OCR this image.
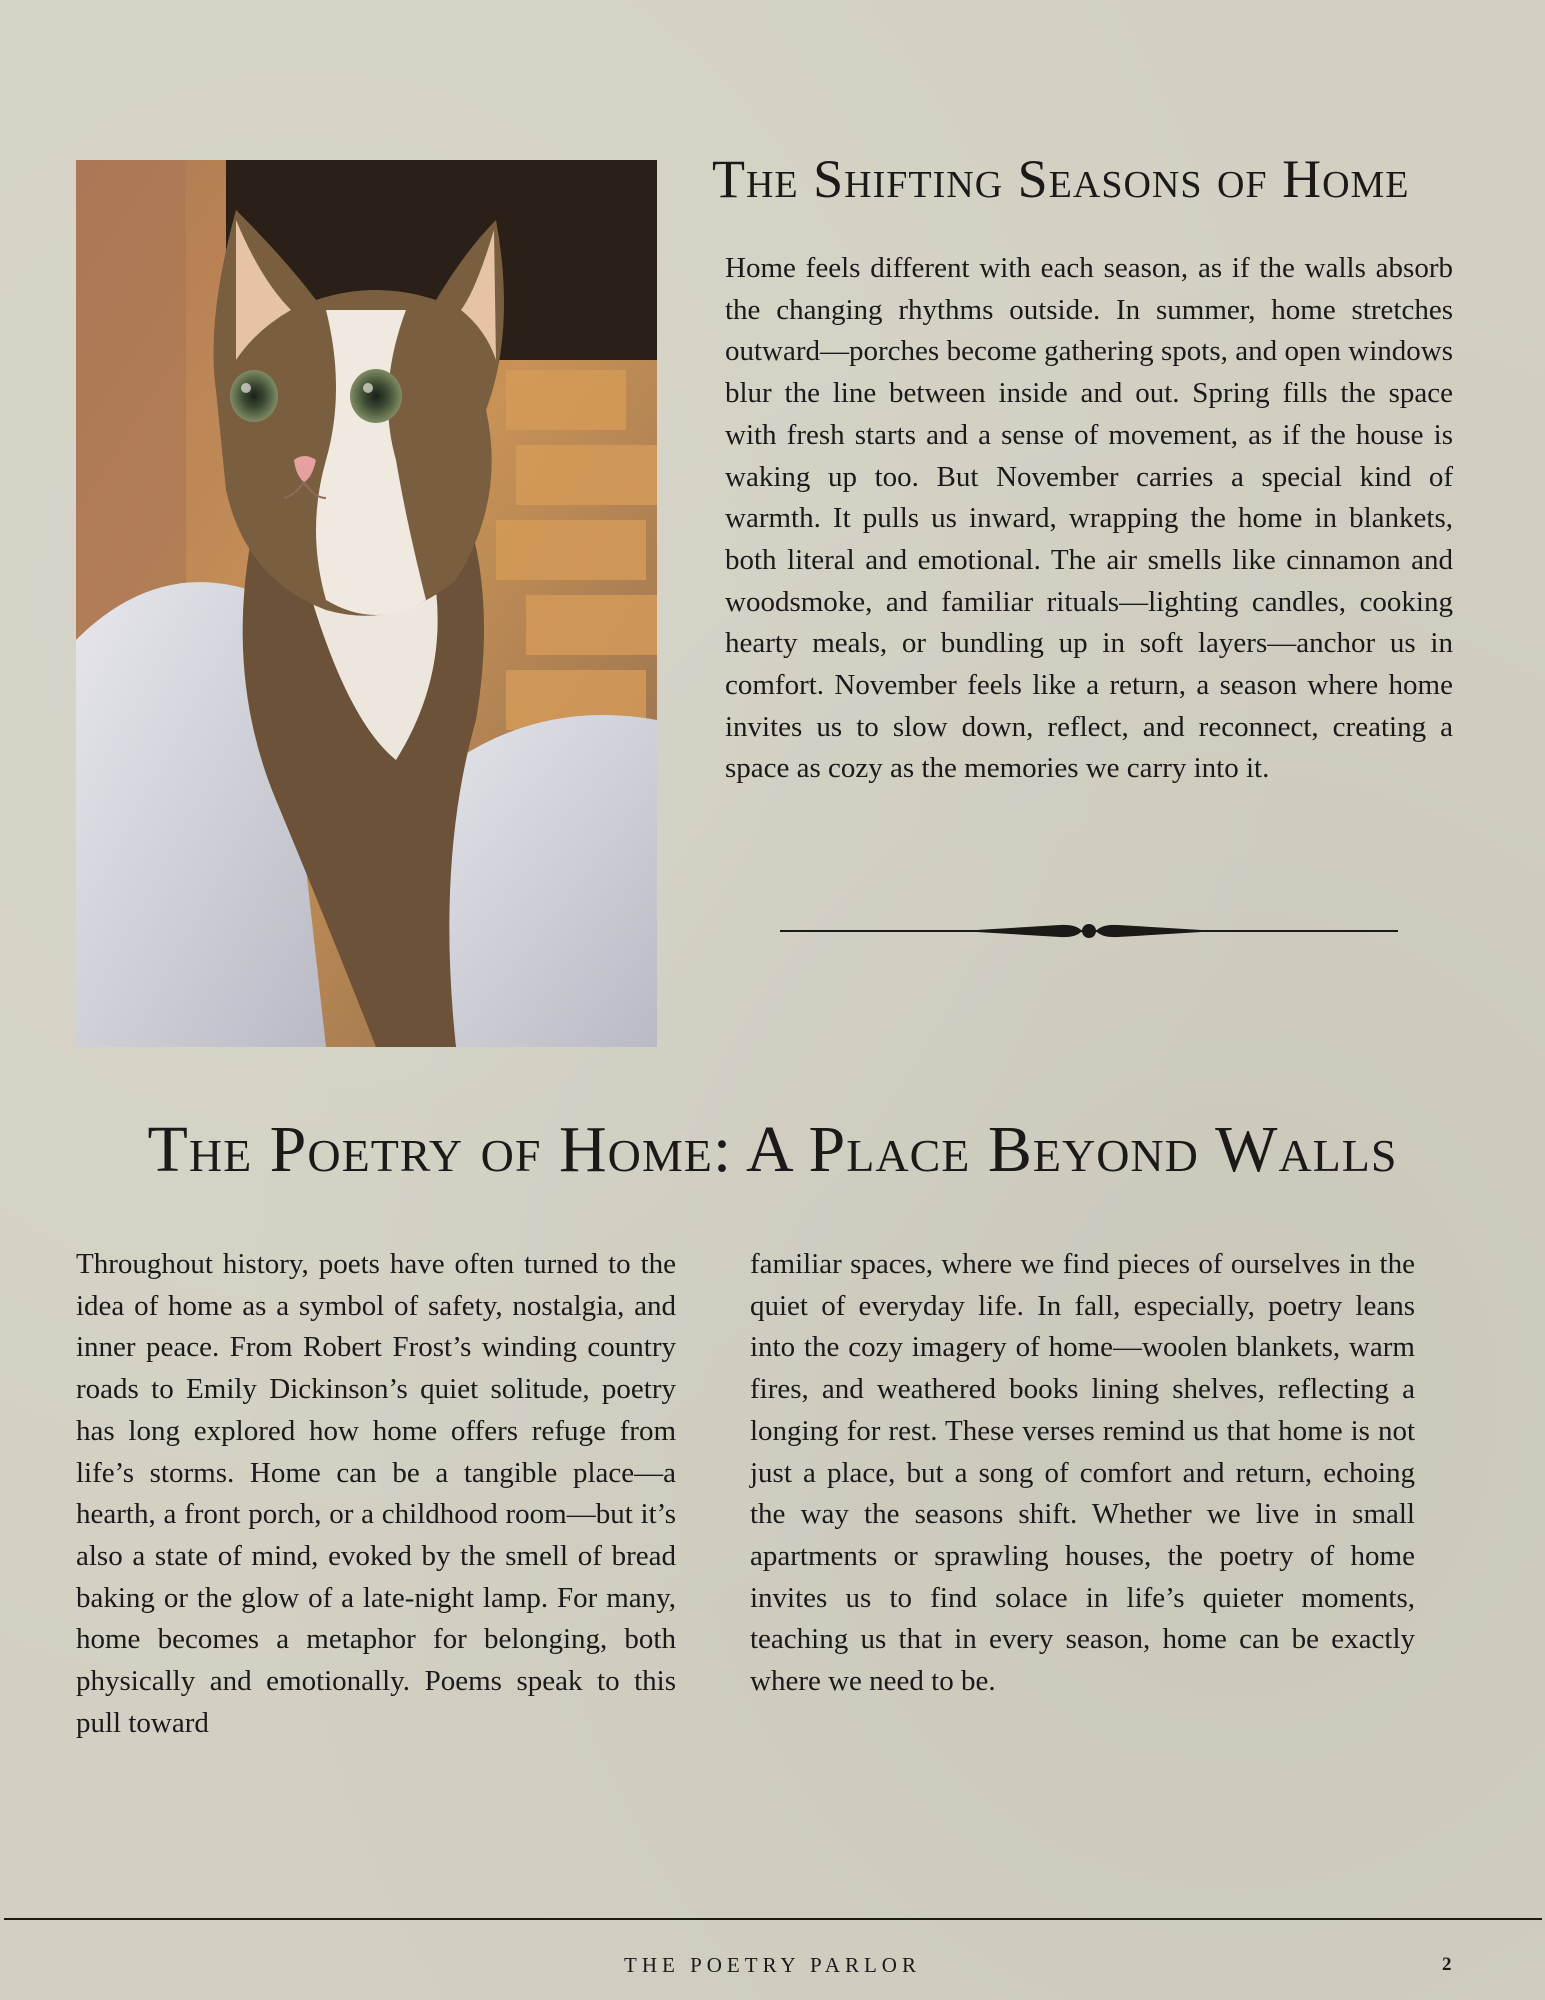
The Shifting Seasons of Home

Home feels different with each season, as if the walls absorb the changing rhythms outside. In summer, home stretches outward—porches become gathering spots, and open windows blur the line between inside and out. Spring fills the space with fresh starts and a sense of movement, as if the house is waking up too. But November carries a special kind of warmth. It pulls us inward, wrapping the home in blankets, both literal and emotional. The air smells like cinnamon and woodsmoke, and familiar rituals—lighting candles, cooking hearty meals, or bundling up in soft layers—anchor us in comfort. November feels like a return, a season where home invites us to slow down, reflect, and reconnect, creating a space as cozy as the memories we carry into it.

The Poetry of Home: A Place Beyond Walls

Throughout history, poets have often turned to the idea of home as a symbol of safety, nostalgia, and inner peace. From Robert Frost’s winding country roads to Emily Dickinson’s quiet solitude, poetry has long explored how home offers refuge from life’s storms. Home can be a tangible place—a hearth, a front porch, or a childhood room—but it’s also a state of mind, evoked by the smell of bread baking or the glow of a late-night lamp. For many, home becomes a metaphor for belonging, both physically and emotionally. Poems speak to this pull toward

familiar spaces, where we find pieces of ourselves in the quiet of everyday life. In fall, especially, poetry leans into the cozy imagery of home—woolen blankets, warm fires, and weathered books lining shelves, reflecting a longing for rest. These verses remind us that home is not just a place, but a song of comfort and return, echoing the way the seasons shift. Whether we live in small apartments or sprawling houses, the poetry of home invites us to find solace in life’s quieter moments, teaching us that in every season, home can be exactly where we need to be.

THE POETRY PARLOR	2
